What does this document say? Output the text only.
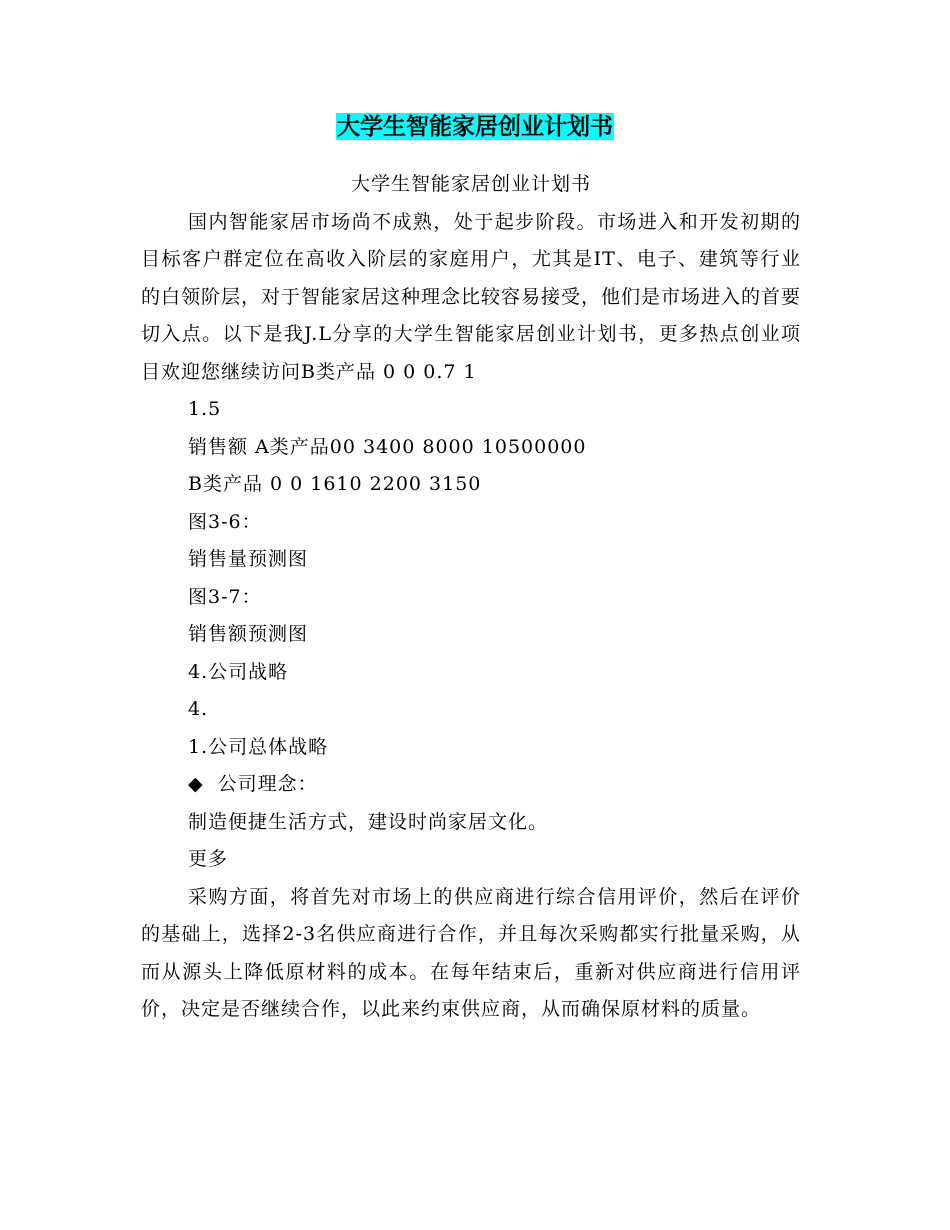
大学生智能家居创业计划书

大学生智能家居创业计划书

国内智能家居市场尚不成熟，处于起步阶段。市场进入和开发初期的目标客户群定位在高收入阶层的家庭用户，尤其是IT、电子、建筑等行业的白领阶层，对于智能家居这种理念比较容易接受，他们是市场进入的首要切入点。以下是我J.L分享的大学生智能家居创业计划书，更多热点创业项目欢迎您继续访问B类产品 0 0 0.7 1

1.5

销售额 A类产品00 3400 8000 10500000

B类产品 0 0 1610 2200 3150

图3-6：

销售量预测图

图3-7：

销售额预测图

4.公司战略

4.

1.公司总体战略

◆ 公司理念：

制造便捷生活方式，建设时尚家居文化。

更多

采购方面，将首先对市场上的供应商进行综合信用评价，然后在评价的基础上，选择2-3名供应商进行合作，并且每次采购都实行批量采购，从而从源头上降低原材料的成本。在每年结束后，重新对供应商进行信用评价，决定是否继续合作，以此来约束供应商，从而确保原材料的质量。
